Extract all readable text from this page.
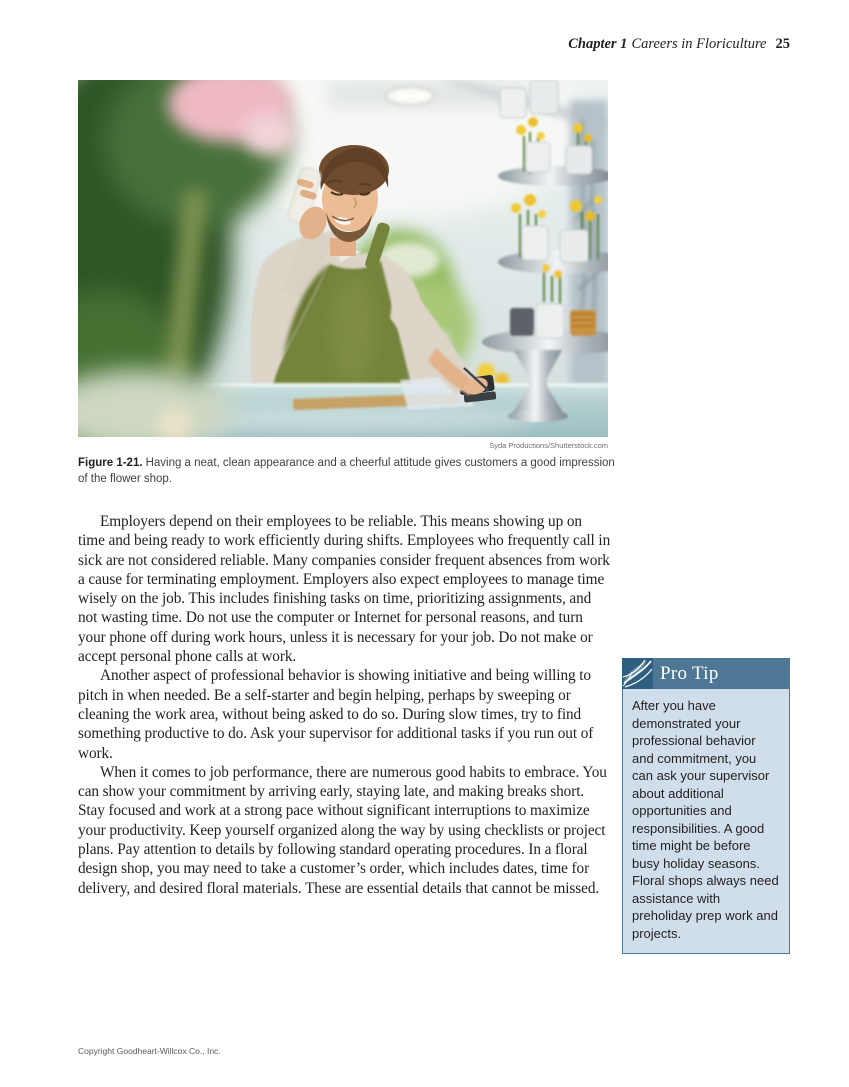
Chapter 1 Careers in Floriculture 25
Syda Productions/Shutterstock.com
Figure 1-21. Having a neat, clean appearance and a cheerful attitude gives customers a good impression of the flower shop.

Employers depend on their employees to be reliable. This means showing up on time and being ready to work efficiently during shifts. Employees who frequently call in sick are not considered reliable. Many companies consider frequent absences from work a cause for terminating employment. Employers also expect employees to manage time wisely on the job. This includes finishing tasks on time, prioritizing assignments, and not wasting time. Do not use the computer or Internet for personal reasons, and turn your phone off during work hours, unless it is necessary for your job. Do not make or accept personal phone calls at work.

Another aspect of professional behavior is showing initiative and being willing to pitch in when needed. Be a self-starter and begin helping, perhaps by sweeping or cleaning the work area, without being asked to do so. During slow times, try to find something productive to do. Ask your supervisor for additional tasks if you run out of work.

When it comes to job performance, there are numerous good habits to embrace. You can show your commitment by arriving early, staying late, and making breaks short. Stay focused and work at a strong pace without significant interruptions to maximize your productivity. Keep yourself organized along the way by using checklists or project plans. Pay attention to details by following standard operating procedures. In a floral design shop, you may need to take a customer’s order, which includes dates, time for delivery, and desired floral materials. These are essential details that cannot be missed.

Pro Tip
After you have demonstrated your professional behavior and commitment, you can ask your supervisor about additional opportunities and responsibilities. A good time might be before busy holiday seasons. Floral shops always need assistance with preholiday prep work and projects.
Copyright Goodheart-Willcox Co., Inc.
